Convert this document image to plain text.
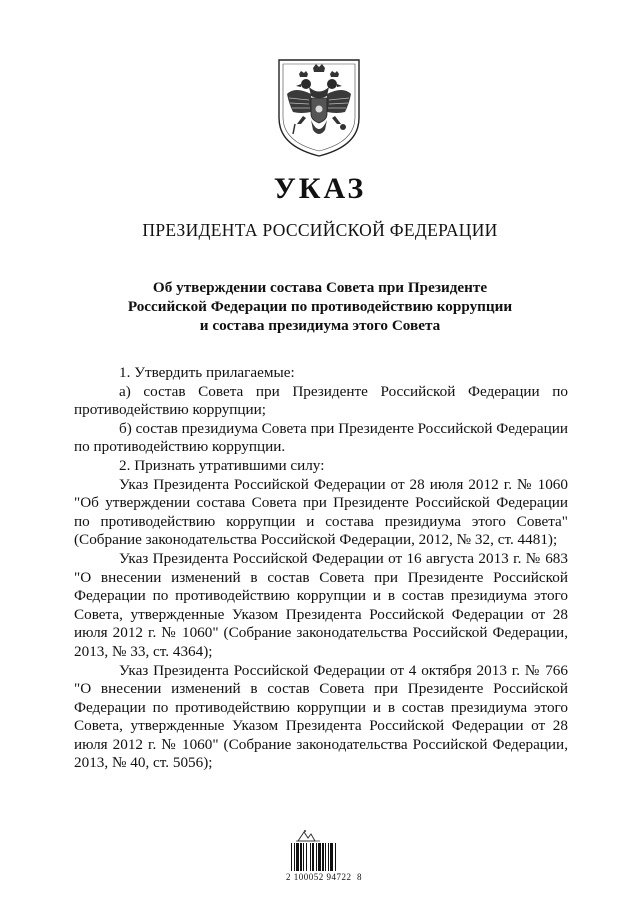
УКАЗ
ПРЕЗИДЕНТА РОССИЙСКОЙ ФЕДЕРАЦИИ
Об утверждении состава Совета при Президенте
Российской Федерации по противодействию коррупции
и состава президиума этого Совета

1. Утвердить прилагаемые:

а) состав Совета при Президенте Российской Федерации по противодействию коррупции;

б) состав президиума Совета при Президенте Российской Федерации по противодействию коррупции.

2. Признать утратившими силу:

Указ Президента Российской Федерации от 28 июля 2012 г. № 1060 "Об утверждении состава Совета при Президенте Российской Федерации по противодействию коррупции и состава президиума этого Совета" (Собрание законодательства Российской Федерации, 2012, № 32, ст. 4481);

Указ Президента Российской Федерации от 16 августа 2013 г. № 683 "О внесении изменений в состав Совета при Президенте Российской Федерации по противодействию коррупции и в состав президиума этого Совета, утвержденные Указом Президента Российской Федерации от 28 июля 2012 г. № 1060" (Собрание законодательства Российской Федерации, 2013, № 33, ст. 4364);

Указ Президента Российской Федерации от 4 октября 2013 г. № 766 "О внесении изменений в состав Совета при Президенте Российской Федерации по противодействию коррупции и в состав президиума этого Совета, утвержденные Указом Президента Российской Федерации от 28 июля 2012 г. № 1060" (Собрание законодательства Российской Федерации, 2013, № 40, ст. 5056);

2 100052 94722  8
